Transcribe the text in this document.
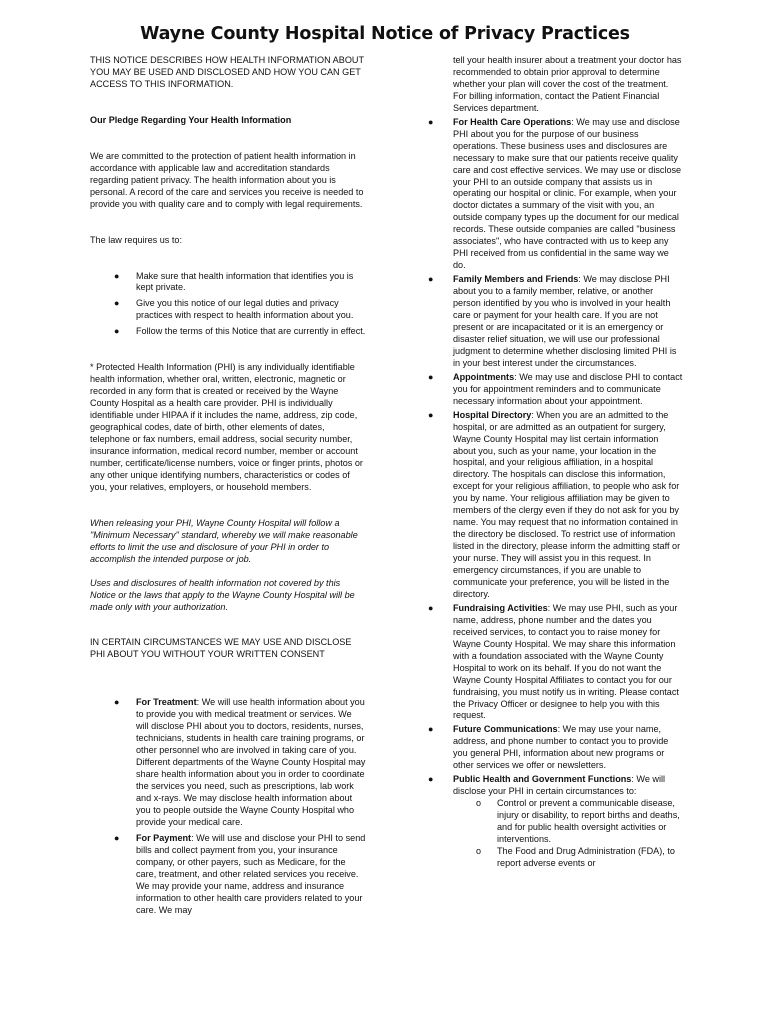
Wayne County Hospital Notice of Privacy Practices

THIS NOTICE DESCRIBES HOW HEALTH INFORMATION ABOUT YOU MAY BE USED AND DISCLOSED AND HOW YOU CAN GET ACCESS TO THIS INFORMATION.

Our Pledge Regarding Your Health Information

We are committed to the protection of patient health information in accordance with applicable law and accreditation standards regarding patient privacy. The health information about you is personal. A record of the care and services you receive is needed to provide you with quality care and to comply with legal requirements.

The law requires us to:

● Make sure that health information that identifies you is kept private.
● Give you this notice of our legal duties and privacy practices with respect to health information about you.
● Follow the terms of this Notice that are currently in effect.

* Protected Health Information (PHI) is any individually identifiable health information, whether oral, written, electronic, magnetic or recorded in any form that is created or received by the Wayne County Hospital as a health care provider. PHI is individually identifiable under HIPAA if it includes the name, address, zip code, geographical codes, date of birth, other elements of dates, telephone or fax numbers, email address, social security number, insurance information, medical record number, member or account number, certificate/license numbers, voice or finger prints, photos or any other unique identifying numbers, characteristics or codes of you, your relatives, employers, or household members.

When releasing your PHI, Wayne County Hospital will follow a "Minimum Necessary" standard, whereby we will make reasonable efforts to limit the use and disclosure of your PHI in order to accomplish the intended purpose or job.

Uses and disclosures of health information not covered by this Notice or the laws that apply to the Wayne County Hospital will be made only with your authorization.

IN CERTAIN CIRCUMSTANCES WE MAY USE AND DISCLOSE PHI ABOUT YOU WITHOUT YOUR WRITTEN CONSENT

● For Treatment: We will use health information about you to provide you with medical treatment or services. We will disclose PHI about you to doctors, residents, nurses, technicians, students in health care training programs, or other personnel who are involved in taking care of you. Different departments of the Wayne County Hospital may share health information about you in order to coordinate the services you need, such as prescriptions, lab work and x-rays. We may disclose health information about you to people outside the Wayne County Hospital who provide your medical care.
● For Payment: We will use and disclose your PHI to send bills and collect payment from you, your insurance company, or other payers, such as Medicare, for the care, treatment, and other related services you receive. We may provide your name, address and insurance information to other health care providers related to your care. We may

tell your health insurer about a treatment your doctor has recommended to obtain prior approval to determine whether your plan will cover the cost of the treatment. For billing information, contact the Patient Financial Services department.

● For Health Care Operations: We may use and disclose PHI about you for the purpose of our business operations. These business uses and disclosures are necessary to make sure that our patients receive quality care and cost effective services. We may use or disclose your PHI to an outside company that assists us in operating our hospital or clinic. For example, when your doctor dictates a summary of the visit with you, an outside company types up the document for our medical records. These outside companies are called "business associates", who have contracted with us to keep any PHI received from us confidential in the same way we do.
● Family Members and Friends: We may disclose PHI about you to a family member, relative, or another person identified by you who is involved in your health care or payment for your health care. If you are not present or are incapacitated or it is an emergency or disaster relief situation, we will use our professional judgment to determine whether disclosing limited PHI is in your best interest under the circumstances.
● Appointments: We may use and disclose PHI to contact you for appointment reminders and to communicate necessary information about your appointment.
● Hospital Directory: When you are an admitted to the hospital, or are admitted as an outpatient for surgery, Wayne County Hospital may list certain information about you, such as your name, your location in the hospital, and your religious affiliation, in a hospital directory. The hospitals can disclose this information, except for your religious affiliation, to people who ask for you by name. Your religious affiliation may be given to members of the clergy even if they do not ask for you by name. You may request that no information contained in the directory be disclosed. To restrict use of information listed in the directory, please inform the admitting staff or your nurse. They will assist you in this request. In emergency circumstances, if you are unable to communicate your preference, you will be listed in the directory.
● Fundraising Activities: We may use PHI, such as your name, address, phone number and the dates you received services, to contact you to raise money for Wayne County Hospital. We may share this information with a foundation associated with the Wayne County Hospital to work on its behalf. If you do not want the Wayne County Hospital Affiliates to contact you for our fundraising, you must notify us in writing. Please contact the Privacy Officer or designee to help you with this request.
● Future Communications: We may use your name, address, and phone number to contact you to provide you general PHI, information about new programs or other services we offer or newsletters.
● Public Health and Government Functions: We will disclose your PHI in certain circumstances to:
o Control or prevent a communicable disease, injury or disability, to report births and deaths, and for public health oversight activities or interventions.
o The Food and Drug Administration (FDA), to report adverse events or
